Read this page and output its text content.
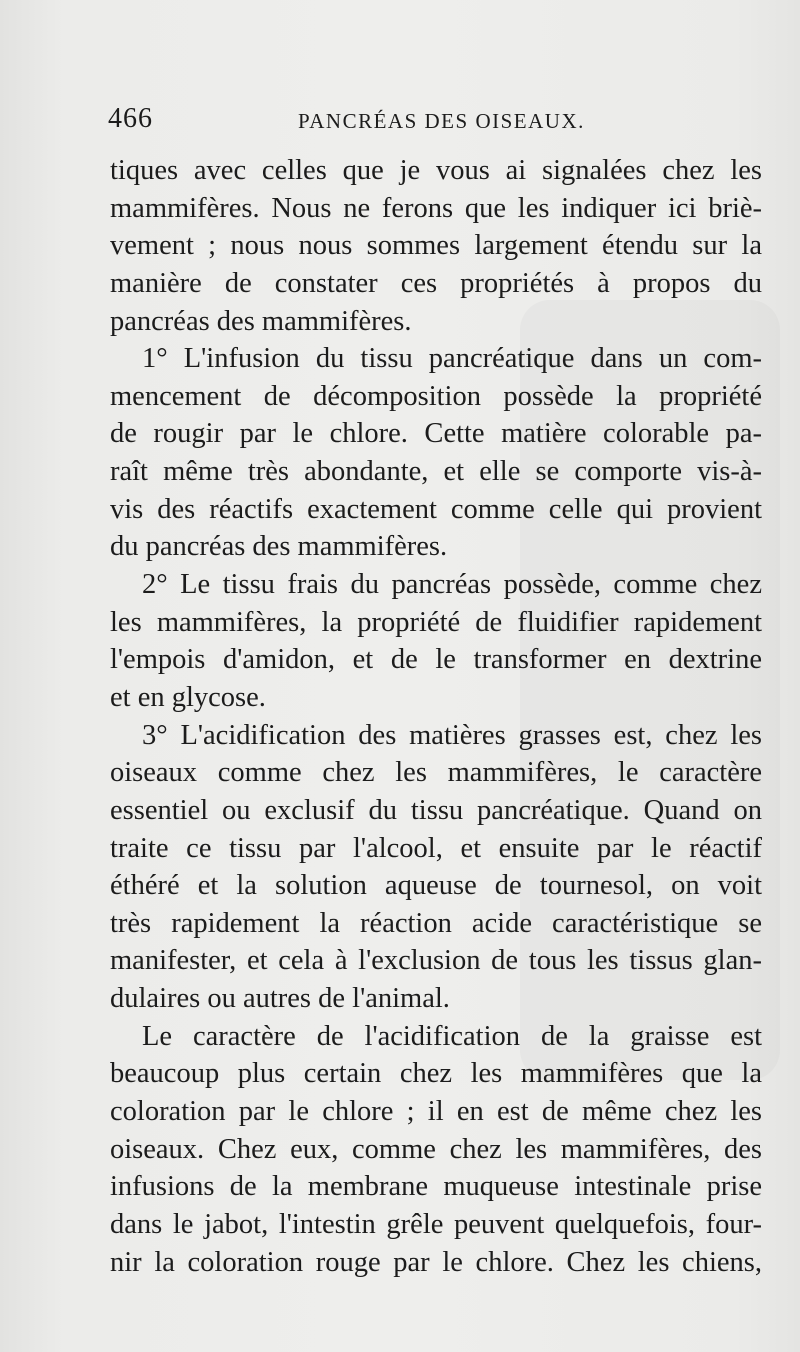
466	PANCRÉAS DES OISEAUX.
tiques avec celles que je vous ai signalées chez les
mammifères. Nous ne ferons que les indiquer ici briè-
vement ; nous nous sommes largement étendu sur la
manière de constater ces propriétés à propos du
pancréas des mammifères.
1° L'infusion du tissu pancréatique dans un com-
mencement de décomposition possède la propriété
de rougir par le chlore. Cette matière colorable pa-
raît même très abondante, et elle se comporte vis-à-
vis des réactifs exactement comme celle qui provient
du pancréas des mammifères.
2° Le tissu frais du pancréas possède, comme chez
les mammifères, la propriété de fluidifier rapidement
l'empois d'amidon, et de le transformer en dextrine
et en glycose.
3° L'acidification des matières grasses est, chez les
oiseaux comme chez les mammifères, le caractère
essentiel ou exclusif du tissu pancréatique. Quand on
traite ce tissu par l'alcool, et ensuite par le réactif
éthéré et la solution aqueuse de tournesol, on voit
très rapidement la réaction acide caractéristique se
manifester, et cela à l'exclusion de tous les tissus glan-
dulaires ou autres de l'animal.
Le caractère de l'acidification de la graisse est
beaucoup plus certain chez les mammifères que la
coloration par le chlore ; il en est de même chez les
oiseaux. Chez eux, comme chez les mammifères, des
infusions de la membrane muqueuse intestinale prise
dans le jabot, l'intestin grêle peuvent quelquefois, four-
nir la coloration rouge par le chlore. Chez les chiens,
